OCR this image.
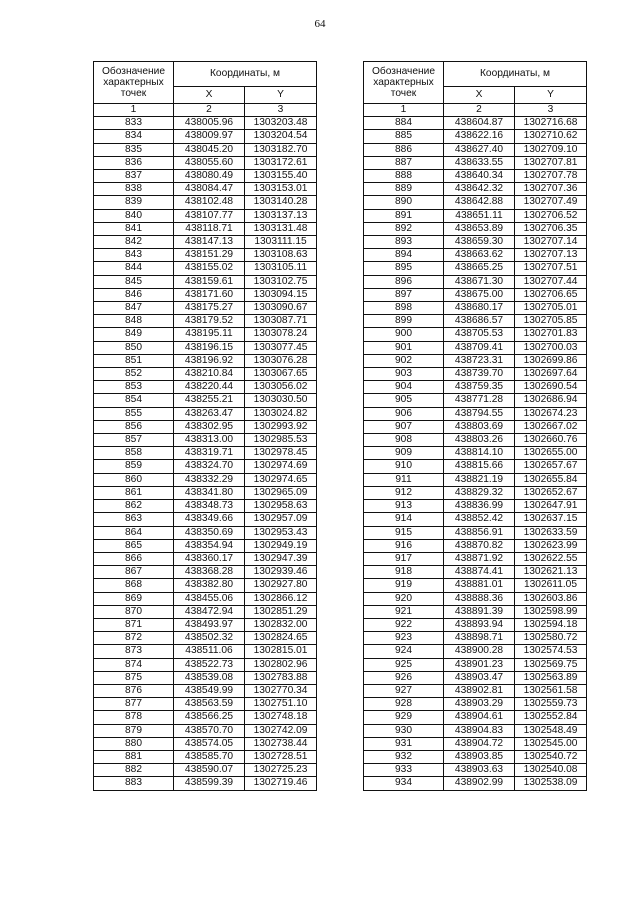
64
Обозначение характерных точек	Координаты, м	
	X	Y
1	2	3
833	438005.96	1303203.48
834	438009.97	1303204.54
835	438045.20	1303182.70
836	438055.60	1303172.61
837	438080.49	1303155.40
838	438084.47	1303153.01
839	438102.48	1303140.28
840	438107.77	1303137.13
841	438118.71	1303131.48
842	438147.13	1303111.15
843	438151.29	1303108.63
844	438155.02	1303105.11
845	438159.61	1303102.75
846	438171.60	1303094.15
847	438175.27	1303090.67
848	438179.52	1303087.71
849	438195.11	1303078.24
850	438196.15	1303077.45
851	438196.92	1303076.28
852	438210.84	1303067.65
853	438220.44	1303056.02
854	438255.21	1303030.50
855	438263.47	1303024.82
856	438302.95	1302993.92
857	438313.00	1302985.53
858	438319.71	1302978.45
859	438324.70	1302974.69
860	438332.29	1302974.65
861	438341.80	1302965.09
862	438348.73	1302958.63
863	438349.66	1302957.09
864	438350.69	1302953.43
865	438354.94	1302949.19
866	438360.17	1302947.39
867	438368.28	1302939.46
868	438382.80	1302927.80
869	438455.06	1302866.12
870	438472.94	1302851.29
871	438493.97	1302832.00
872	438502.32	1302824.65
873	438511.06	1302815.01
874	438522.73	1302802.96
875	438539.08	1302783.88
876	438549.99	1302770.34
877	438563.59	1302751.10
878	438566.25	1302748.18
879	438570.70	1302742.09
880	438574.05	1302738.44
881	438585.70	1302728.51
882	438590.07	1302725.23
883	438599.39	1302719.46
Обозначение характерных точек	Координаты, м	
	X	Y
1	2	3
884	438604.87	1302716.68
885	438622.16	1302710.62
886	438627.40	1302709.10
887	438633.55	1302707.81
888	438640.34	1302707.78
889	438642.32	1302707.36
890	438642.88	1302707.49
891	438651.11	1302706.52
892	438653.89	1302706.35
893	438659.30	1302707.14
894	438663.62	1302707.13
895	438665.25	1302707.51
896	438671.30	1302707.44
897	438675.00	1302706.65
898	438680.17	1302705.01
899	438686.57	1302705.85
900	438705.53	1302701.83
901	438709.41	1302700.03
902	438723.31	1302699.86
903	438739.70	1302697.64
904	438759.35	1302690.54
905	438771.28	1302686.94
906	438794.55	1302674.23
907	438803.69	1302667.02
908	438803.26	1302660.76
909	438814.10	1302655.00
910	438815.66	1302657.67
911	438821.19	1302655.84
912	438829.32	1302652.67
913	438836.99	1302647.91
914	438852.42	1302637.15
915	438856.91	1302633.59
916	438870.82	1302623.99
917	438871.92	1302622.55
918	438874.41	1302621.13
919	438881.01	1302611.05
920	438888.36	1302603.86
921	438891.39	1302598.99
922	438893.94	1302594.18
923	438898.71	1302580.72
924	438900.28	1302574.53
925	438901.23	1302569.75
926	438903.47	1302563.89
927	438902.81	1302561.58
928	438903.29	1302559.73
929	438904.61	1302552.84
930	438904.83	1302548.49
931	438904.72	1302545.00
932	438903.85	1302540.72
933	438903.63	1302540.08
934	438902.99	1302538.09
